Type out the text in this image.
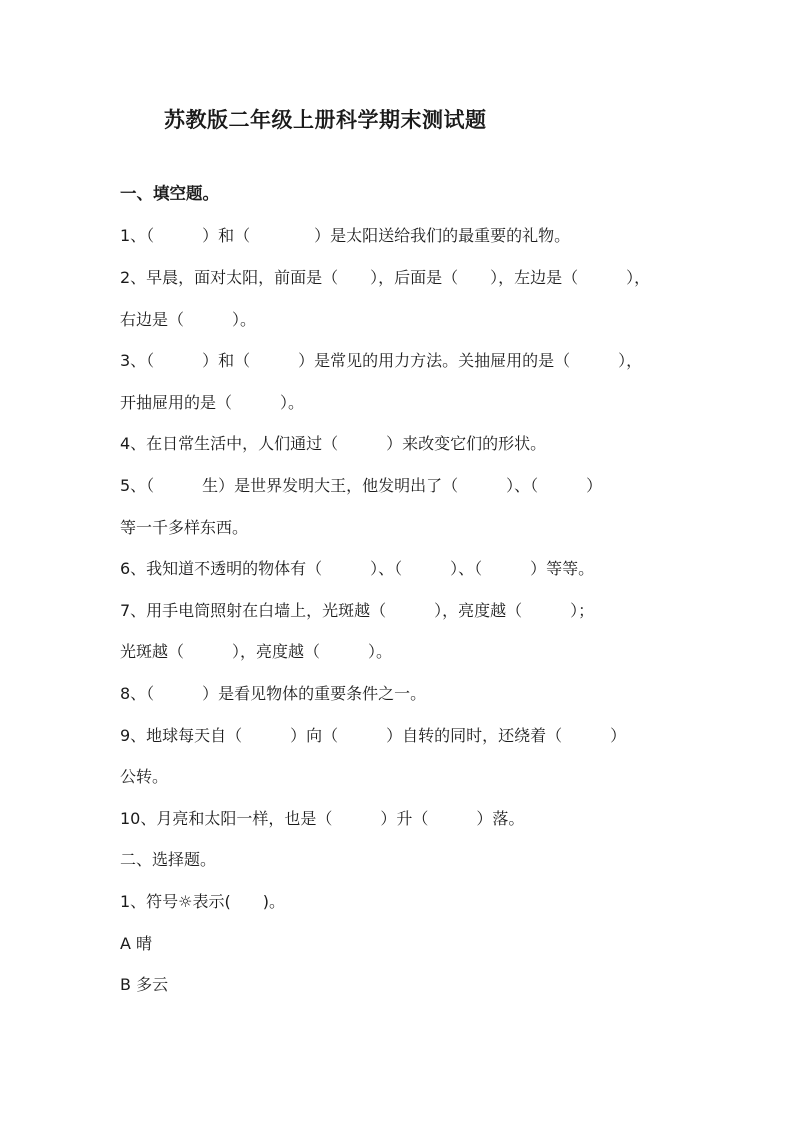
苏教版二年级上册科学期末测试题
一、填空题。
1、（　　　）和（　　　　）是太阳送给我们的最重要的礼物。
2、早晨，面对太阳，前面是（　　），后面是（　　），左边是（　　　），
右边是（　　　）。
3、（　　　）和（　　　）是常见的用力方法。关抽屉用的是（　　　），
开抽屉用的是（　　　）。
4、在日常生活中，人们通过（　　　）来改变它们的形状。
5、（　　　生）是世界发明大王，他发明出了（　　　）、（　　　）
等一千多样东西。
6、我知道不透明的物体有（　　　）、（　　　）、（　　　）等等。
7、用手电筒照射在白墙上，光斑越（　　　），亮度越（　　　）；
光斑越（　　　），亮度越（　　　）。
8、（　　　）是看见物体的重要条件之一。
9、地球每天自（　　　）向（　　　）自转的同时，还绕着（　　　）
公转。
10、月亮和太阳一样，也是（　　　）升（　　　）落。
二、选择题。
1、符号☼表示(　　)。
A 晴
B 多云
